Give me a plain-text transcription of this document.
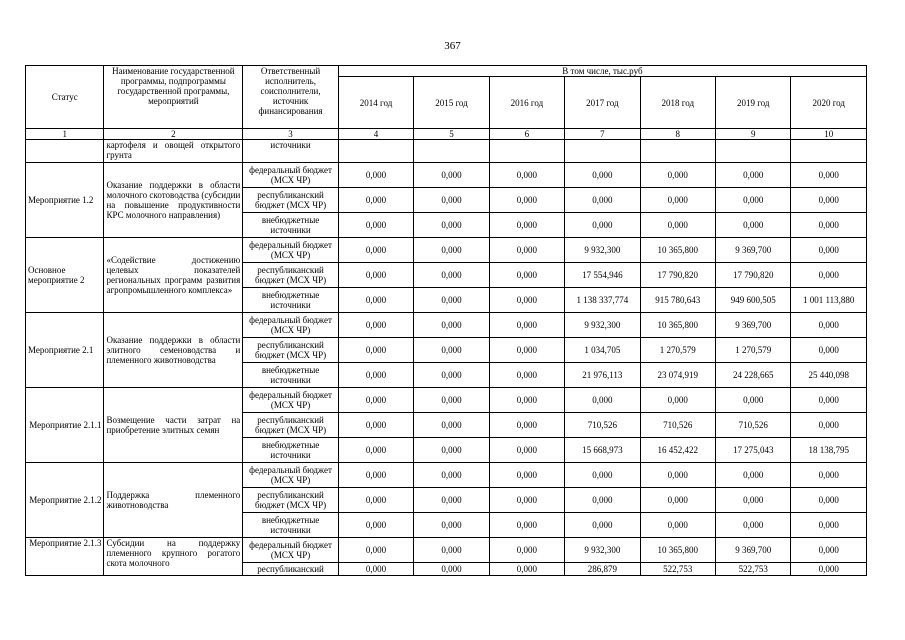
367
Статус	Наименование государственной программы, подпрограммы государственной программы, мероприятий	Ответственный исполнитель, соисполнители, источник финансирования	В том числе, тыс.руб						
			2014 год	2015 год	2016 год	2017 год	2018 год	2019 год	2020 год
1	2	3	4	5	6	7	8	9	10
	картофеля и овощей открытого грунта	источники							
Мероприятие 1.2	Оказание поддержки в области молочного скотоводства (субсидии на повышение продуктивности КРС молочного направления)	федеральный бюджет (МСХ ЧР)	0,000	0,000	0,000	0,000	0,000	0,000	0,000
		республиканский бюджет (МСХ ЧР)	0,000	0,000	0,000	0,000	0,000	0,000	0,000
		внебюджетные источники	0,000	0,000	0,000	0,000	0,000	0,000	0,000
Основное мероприятие 2	«Содействие достижению целевых показателей региональных программ развития агропромышленного комплекса»	федеральный бюджет (МСХ ЧР)	0,000	0,000	0,000	9 932,300	10 365,800	9 369,700	0,000
		республиканский бюджет (МСХ ЧР)	0,000	0,000	0,000	17 554,946	17 790,820	17 790,820	0,000
		внебюджетные источники	0,000	0,000	0,000	1 138 337,774	915 780,643	949 600,505	1 001 113,880
Мероприятие 2.1	Оказание поддержки в области элитного семеноводства и племенного животноводства	федеральный бюджет (МСХ ЧР)	0,000	0,000	0,000	9 932,300	10 365,800	9 369,700	0,000
		республиканский бюджет (МСХ ЧР)	0,000	0,000	0,000	1 034,705	1 270,579	1 270,579	0,000
		внебюджетные источники	0,000	0,000	0,000	21 976,113	23 074,919	24 228,665	25 440,098
Мероприятие 2.1.1	Возмещение части затрат на приобретение элитных семян	федеральный бюджет (МСХ ЧР)	0,000	0,000	0,000	0,000	0,000	0,000	0,000
		республиканский бюджет (МСХ ЧР)	0,000	0,000	0,000	710,526	710,526	710,526	0,000
		внебюджетные источники	0,000	0,000	0,000	15 668,973	16 452,422	17 275,043	18 138,795
Мероприятие 2.1.2	Поддержка племенного животноводства	федеральный бюджет (МСХ ЧР)	0,000	0,000	0,000	0,000	0,000	0,000	0,000
		республиканский бюджет (МСХ ЧР)	0,000	0,000	0,000	0,000	0,000	0,000	0,000
		внебюджетные источники	0,000	0,000	0,000	0,000	0,000	0,000	0,000
Мероприятие 2.1.3	Субсидии на поддержку племенного крупного рогатого скота молочного	федеральный бюджет (МСХ ЧР)	0,000	0,000	0,000	9 932,300	10 365,800	9 369,700	0,000
		республиканский	0,000	0,000	0,000	286,879	522,753	522,753	0,000
